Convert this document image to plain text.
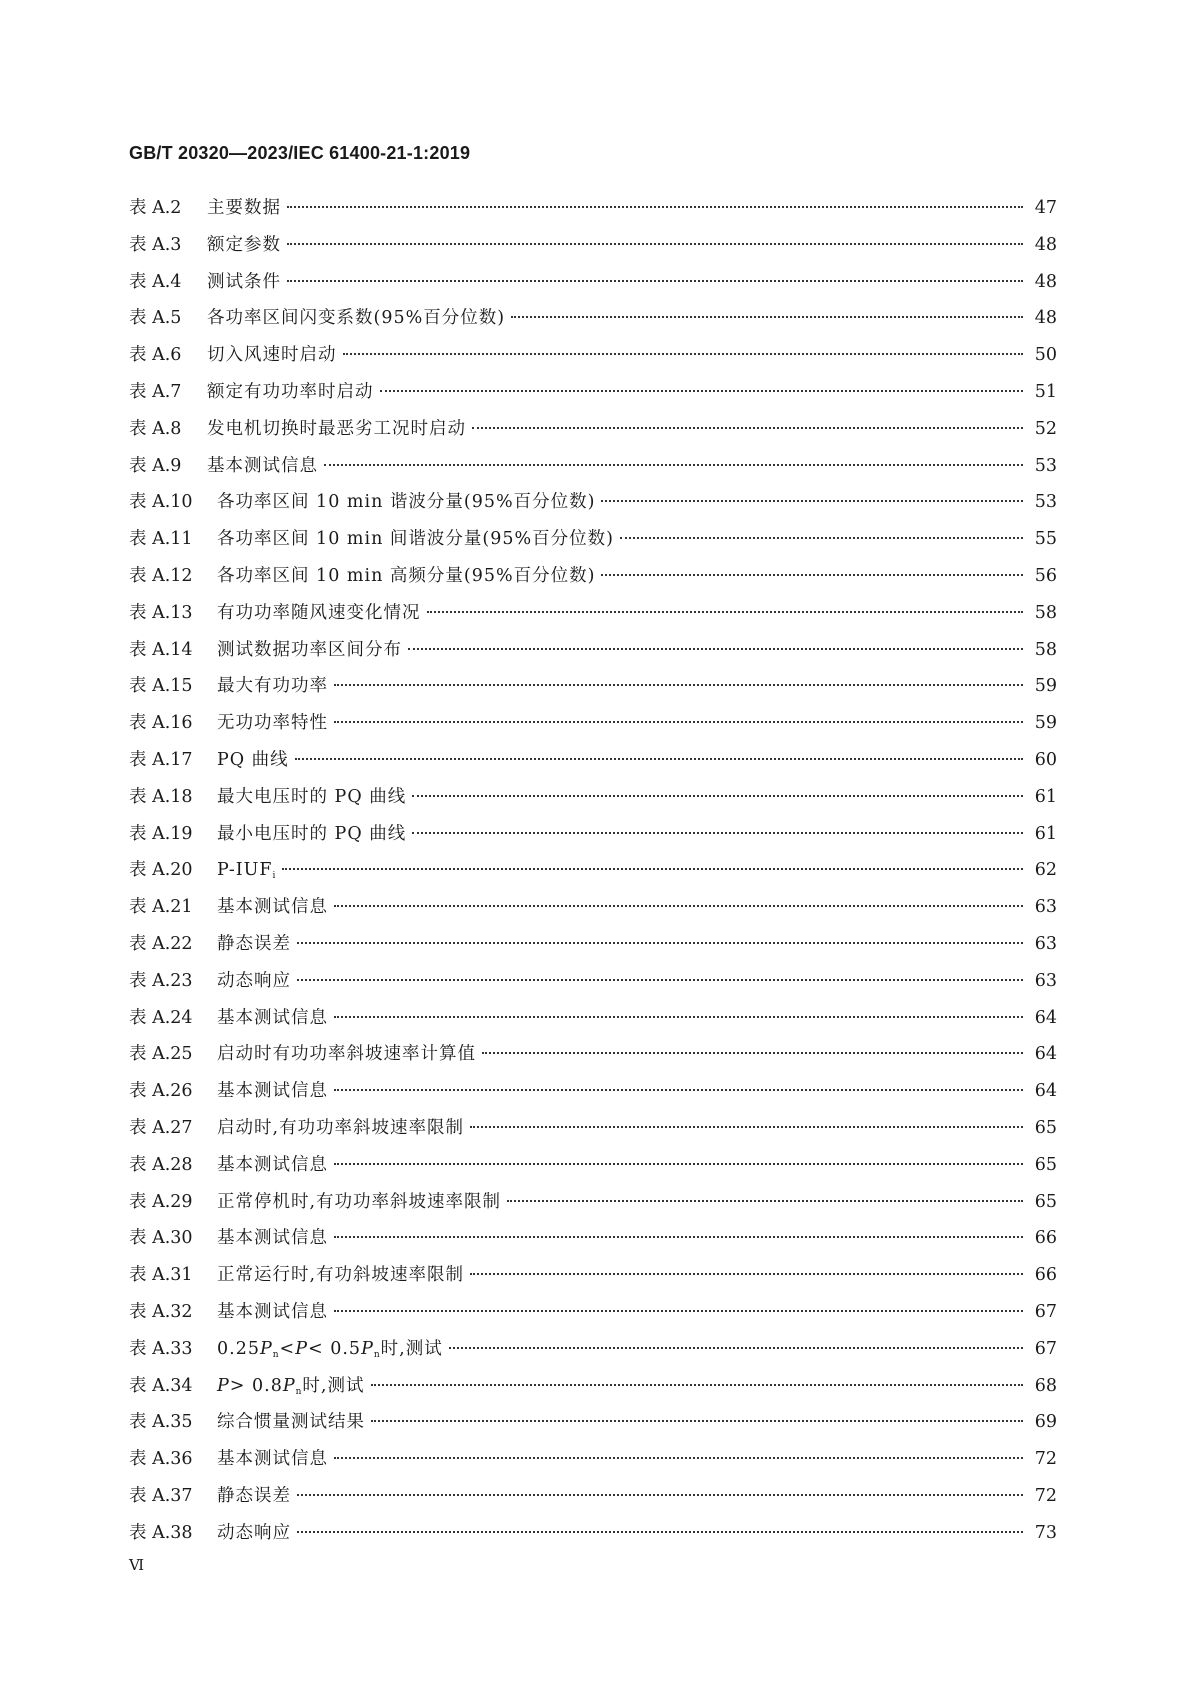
GB/T 20320—2023/IEC 61400-21-1:2019
表 A.2	主要数据	47
表 A.3	额定参数	48
表 A.4	测试条件	48
表 A.5	各功率区间闪变系数(95%百分位数)	48
表 A.6	切入风速时启动	50
表 A.7	额定有功功率时启动	51
表 A.8	发电机切换时最恶劣工况时启动	52
表 A.9	基本测试信息	53
表 A.10	各功率区间 10 min 谐波分量(95%百分位数)	53
表 A.11	各功率区间 10 min 间谐波分量(95%百分位数)	55
表 A.12	各功率区间 10 min 高频分量(95%百分位数)	56
表 A.13	有功功率随风速变化情况	58
表 A.14	测试数据功率区间分布	58
表 A.15	最大有功功率	59
表 A.16	无功功率特性	59
表 A.17	PQ 曲线	60
表 A.18	最大电压时的 PQ 曲线	61
表 A.19	最小电压时的 PQ 曲线	61
表 A.20	$P-IUF_i$	62
表 A.21	基本测试信息	63
表 A.22	静态误差	63
表 A.23	动态响应	63
表 A.24	基本测试信息	64
表 A.25	启动时有功功率斜坡速率计算值	64
表 A.26	基本测试信息	64
表 A.27	启动时,有功功率斜坡速率限制	65
表 A.28	基本测试信息	65
表 A.29	正常停机时,有功功率斜坡速率限制	65
表 A.30	基本测试信息	66
表 A.31	正常运行时,有功斜坡速率限制	66
表 A.32	基本测试信息	67
表 A.33	$0.25P_n<P< 0.5P_n$时,测试	67
表 A.34	$P> 0.8P_n$时,测试	68
表 A.35	综合惯量测试结果	69
表 A.36	基本测试信息	72
表 A.37	静态误差	72
表 A.38	动态响应	73
Ⅵ
